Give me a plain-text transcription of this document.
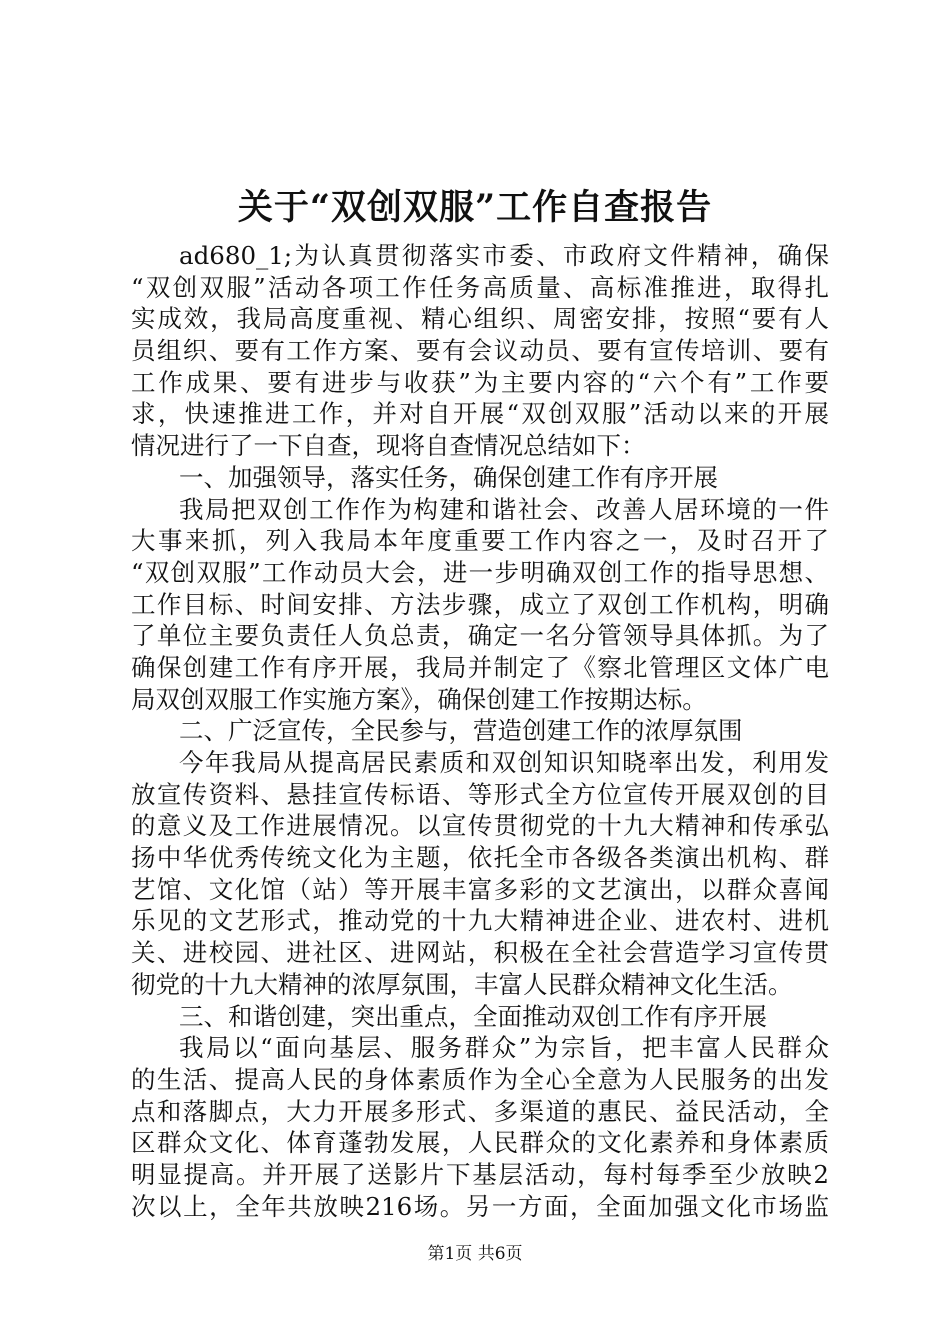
关于“双创双服”工作自查报告
ad680_1;为认真贯彻落实市委、市政府文件精神，确保
“双创双服”活动各项工作任务高质量、高标准推进，取得扎
实成效，我局高度重视、精心组织、周密安排，按照“要有人
员组织、要有工作方案、要有会议动员、要有宣传培训、要有
工作成果、要有进步与收获”为主要内容的“六个有”工作要
求，快速推进工作，并对自开展“双创双服”活动以来的开展
情况进行了一下自查，现将自查情况总结如下：
一、加强领导，落实任务，确保创建工作有序开展
我局把双创工作作为构建和谐社会、改善人居环境的一件
大事来抓，列入我局本年度重要工作内容之一，及时召开了
“双创双服”工作动员大会，进一步明确双创工作的指导思想、
工作目标、时间安排、方法步骤，成立了双创工作机构，明确
了单位主要负责任人负总责，确定一名分管领导具体抓。为了
确保创建工作有序开展，我局并制定了《察北管理区文体广电
局双创双服工作实施方案》，确保创建工作按期达标。
二、广泛宣传，全民参与，营造创建工作的浓厚氛围
今年我局从提高居民素质和双创知识知晓率出发，利用发
放宣传资料、悬挂宣传标语、等形式全方位宣传开展双创的目
的意义及工作进展情况。以宣传贯彻党的十九大精神和传承弘
扬中华优秀传统文化为主题，依托全市各级各类演出机构、群
艺馆、文化馆（站）等开展丰富多彩的文艺演出，以群众喜闻
乐见的文艺形式，推动党的十九大精神进企业、进农村、进机
关、进校园、进社区、进网站，积极在全社会营造学习宣传贯
彻党的十九大精神的浓厚氛围，丰富人民群众精神文化生活。
三、和谐创建，突出重点，全面推动双创工作有序开展
我局以“面向基层、服务群众”为宗旨，把丰富人民群众
的生活、提高人民的身体素质作为全心全意为人民服务的出发
点和落脚点，大力开展多形式、多渠道的惠民、益民活动，全
区群众文化、体育蓬勃发展，人民群众的文化素养和身体素质
明显提高。并开展了送影片下基层活动，每村每季至少放映2
次以上，全年共放映216场。另一方面，全面加强文化市场监
第1页 共6页
